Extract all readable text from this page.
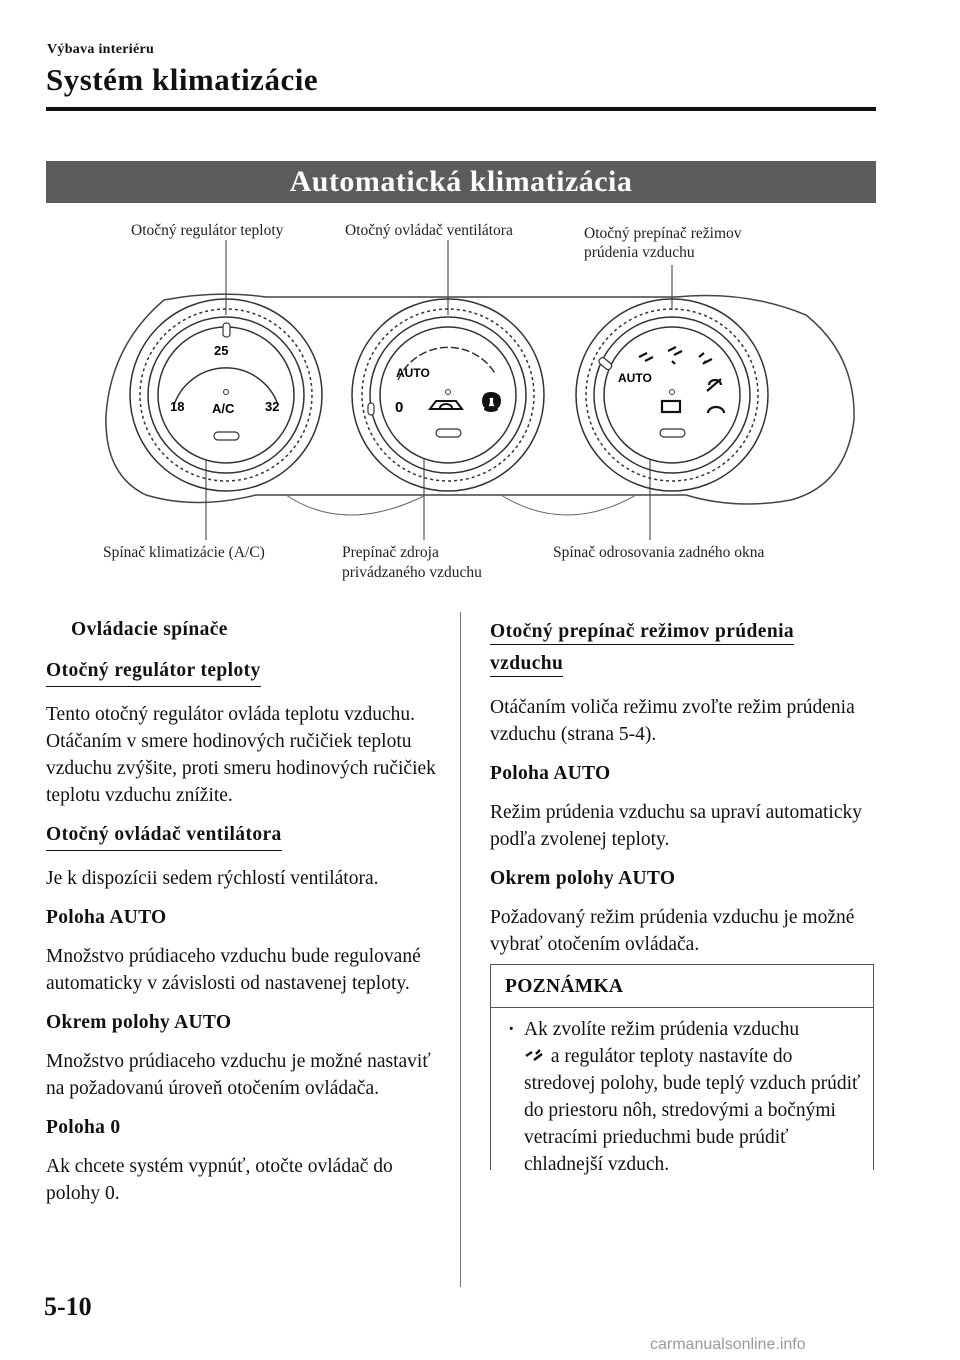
Výbava interiéru
Systém klimatizácie
Automatická klimatizácia
Otočný regulátor teploty	Otočný ovládač ventilátora	Otočný prepínač režimov
prúdenia vzduchu
Spínač klimatizácie (A/C)	Prepínač zdroja
privádzaného vzduchu
Spínač odrosovania zadného okna
25
18	32
A/C
AUTO
0
AUTO
Ovládacie spínače
Otočný regulátor teploty

Tento otočný regulátor ovláda teplotu vzduchu. Otáčaním v smere hodinových ručičiek teplotu vzduchu zvýšite, proti smeru hodinových ručičiek teplotu vzduchu znížite.

Otočný ovládač ventilátora

Je k dispozícii sedem rýchlostí ventilátora.

Poloha AUTO

Množstvo prúdiaceho vzduchu bude regulované automaticky v závislosti od nastavenej teploty.

Okrem polohy AUTO

Množstvo prúdiaceho vzduchu je možné nastaviť na požadovanú úroveň otočením ovládača.

Poloha 0

Ak chcete systém vypnúť, otočte ovládač do polohy 0.

Otočný prepínač režimov prúdenia vzduchu

Otáčaním voliča režimu zvoľte režim prúdenia vzduchu (strana 5-4).

Poloha AUTO

Režim prúdenia vzduchu sa upraví automaticky podľa zvolenej teploty.

Okrem polohy AUTO

Požadovaný režim prúdenia vzduchu je možné vybrať otočením ovládača.

POZNÁMKA
· Ak zvolíte režim prúdenia vzduchu
a regulátor teploty nastavíte do stredovej polohy, bude teplý vzduch prúdiť do priestoru nôh, stredovými a bočnými vetracími prieduchmi bude prúdiť chladnejší vzduch.
5-10
carmanualsonline.info
